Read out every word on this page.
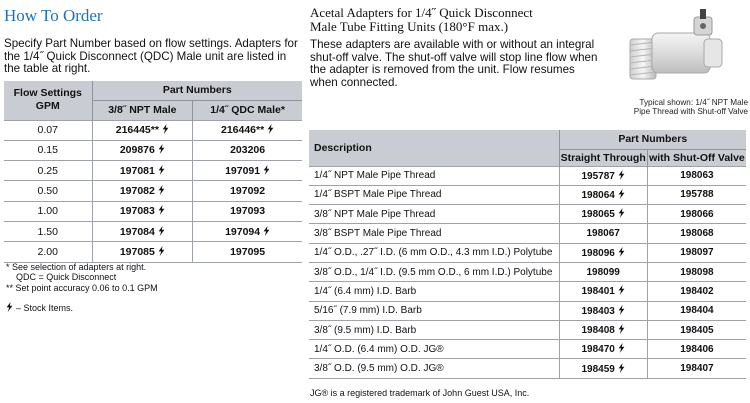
How To Order
Specify Part Number based on flow settings. Adapters for the 1/4˝ Quick Disconnect (QDC) Male unit are listed in the table at right.
Flow Settings GPM	Part Numbers	
	3/8˝ NPT Male	1/4˝ QDC Male*
0.07	216445**	216446**
0.15	209876	203206
0.25	197081	197091
0.50	197082	197092
1.00	197083	197093
1.50	197084	197094
2.00	197085	197095
* See selection of adapters at right.
QDC = Quick Disconnect
** Set point accuracy 0.06 to 0.1 GPM
– Stock Items.
Acetal Adapters for 1/4˝ Quick Disconnect
Male Tube Fitting Units (180°F max.)
These adapters are available with or without an integral shut-off valve. The shut-off valve will stop line flow when the adapter is removed from the unit. Flow resumes when connected.
Typical shown: 1/4˝ NPT Male
Pipe Thread with Shut-off Valve
Description	Part Numbers	
	Straight Through	with Shut-Off Valve
1/4˝ NPT Male Pipe Thread	195787	198063
1/4˝ BSPT Male Pipe Thread	198064	195788
3/8˝ NPT Male Pipe Thread	198065	198066
3/8˝ BSPT Male Pipe Thread	198067	198068
1/4˝ O.D., .27˝ I.D. (6 mm O.D., 4.3 mm I.D.) Polytube	198096	198097
3/8˝ O.D., 1/4˝ I.D. (9.5 mm O.D., 6 mm I.D.) Polytube	198099	198098
1/4˝ (6.4 mm) I.D. Barb	198401	198402
5/16˝ (7.9 mm) I.D. Barb	198403	198404
3/8˝ (9.5 mm) I.D. Barb	198408	198405
1/4˝ O.D. (6.4 mm) O.D. JG®	198470	198406
3/8˝ O.D. (9.5 mm) O.D. JG®	198459	198407
JG® is a registered trademark of John Guest USA, Inc.
